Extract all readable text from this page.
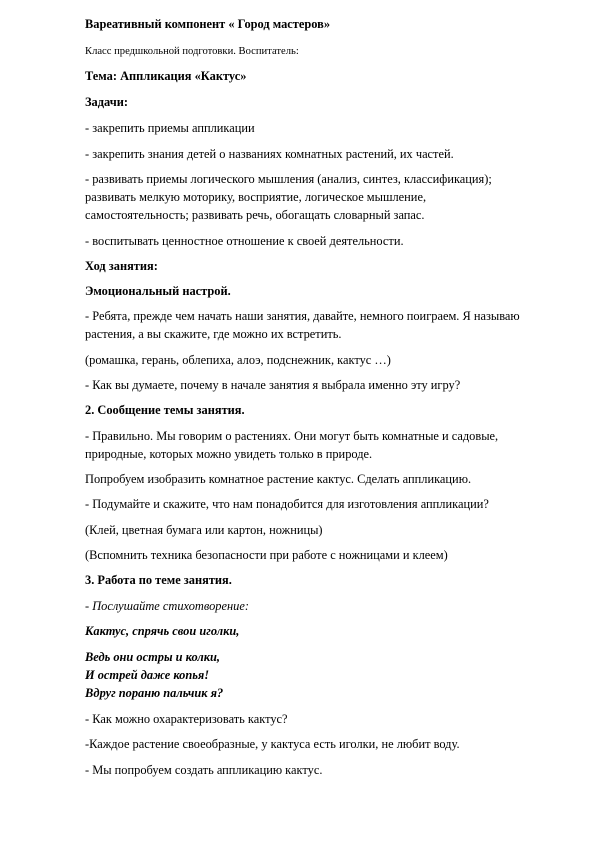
Вареативный компонент « Город мастеров»

Класс предшкольной подготовки. Воспитатель:

Тема: Аппликация «Кактус»

Задачи:

- закрепить приемы аппликации

- закрепить знания детей о названиях комнатных растений, их частей.

- развивать приемы логического мышления (анализ, синтез, классификация);

развивать мелкую моторику, восприятие, логическое мышление,

самостоятельность; развивать речь, обогащать словарный запас.

- воспитывать ценностное отношение к своей деятельности.

Ход занятия:

Эмоциональный настрой.

- Ребята, прежде чем начать наши занятия, давайте, немного поиграем. Я называю

растения, а вы скажите, где можно их встретить.

(ромашка, герань, облепиха, алоэ, подснежник, кактус …)

- Как вы думаете, почему в начале занятия я выбрала именно эту игру?

2. Сообщение темы занятия.

- Правильно. Мы говорим о растениях. Они могут быть комнатные и садовые,

природные, которых можно увидеть только в природе.

Попробуем изобразить комнатное растение кактус. Сделать аппликацию.

- Подумайте и скажите, что нам понадобится для изготовления аппликации?

(Клей, цветная бумага или картон, ножницы)

(Вспомнить техника безопасности при работе с ножницами и клеем)

3. Работа по теме занятия.

- Послушайте стихотворение:

Кактус, спрячь свои иголки,

Ведь они остры и колки,

И острей даже копья!

Вдруг пораню пальчик я?

- Как можно охарактеризовать кактус?

-Каждое растение своеобразные, у кактуса есть иголки, не любит воду.

- Мы попробуем создать аппликацию кактус.
